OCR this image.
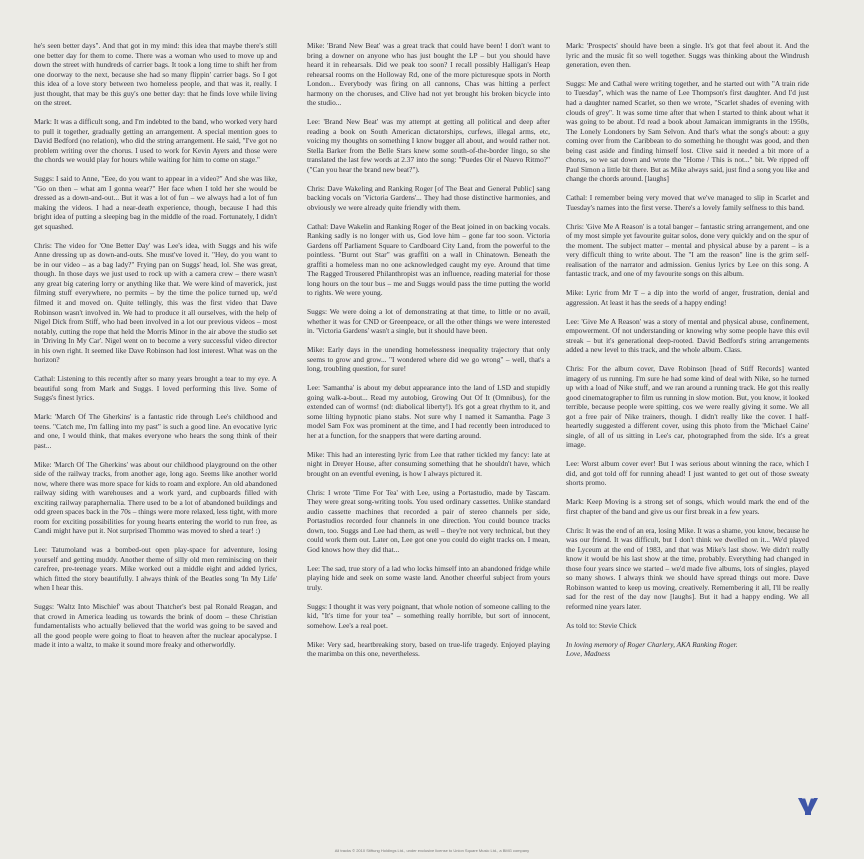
he's seen better days". And that got in my mind: this idea that maybe there's still one better day for them to come. There was a woman who used to move up and down the street with hundreds of carrier bags. It took a long time to shift her from one doorway to the next, because she had so many flippin' carrier bags. So I got this idea of a love story between two homeless people, and that was it, really. I just thought, that may be this guy's one better day: that he finds love while living on the street.

Mark: It was a difficult song, and I'm indebted to the band, who worked very hard to pull it together, gradually getting an arrangement. A special mention goes to David Bedford (no relation), who did the string arrangement. He said, "I've got no problem writing over the chorus. I used to work for Kevin Ayers and those were the chords we would play for hours while waiting for him to come on stage."

Suggs: I said to Anne, "Eee, do you want to appear in a video?" And she was like, "Go on then – what am I gonna wear?" Her face when I told her she would be dressed as a down-and-out... But it was a lot of fun – we always had a lot of fun making the videos. I had a near-death experience, though, because I had this bright idea of putting a sleeping bag in the middle of the road. Fortunately, I didn't get squashed.

Chris: The video for 'One Better Day' was Lee's idea, with Suggs and his wife Anne dressing up as down-and-outs. She must've loved it. "Hey, do you want to be in our video – as a bag lady?" Frying pan on Suggs' head, lol. She was great, though. In those days we just used to rock up with a camera crew – there wasn't any great big catering lorry or anything like that. We were kind of maverick, just filming stuff everywhere, no permits – by the time the police turned up, we'd filmed it and moved on. Quite tellingly, this was the first video that Dave Robinson wasn't involved in. We had to produce it all ourselves, with the help of Nigel Dick from Stiff, who had been involved in a lot our previous videos – most notably, cutting the rope that held the Morris Minor in the air above the studio set in 'Driving In My Car'. Nigel went on to become a very successful video director in his own right. It seemed like Dave Robinson had lost interest. What was on the horizon?

Cathal: Listening to this recently after so many years brought a tear to my eye. A beautiful song from Mark and Suggs. I loved performing this live. Some of Suggs's finest lyrics.

Mark: 'March Of The Gherkins' is a fantastic ride through Lee's childhood and teens. "Catch me, I'm falling into my past" is such a good line. An evocative lyric and one, I would think, that makes everyone who hears the song think of their past...

Mike: 'March Of The Gherkins' was about our childhood playground on the other side of the railway tracks, from another age, long ago. Seems like another world now, where there was more space for kids to roam and explore. An old abandoned railway siding with warehouses and a work yard, and cupboards filled with exciting railway paraphernalia. There used to be a lot of abandoned buildings and odd green spaces back in the 70s – things were more relaxed, less tight, with more room for exciting possibilities for young hearts entering the world to run free, as Candi might have put it. Not surprised Thommo was moved to shed a tear! :)

Lee: Tatumoland was a bombed-out open play-space for adventure, losing yourself and getting muddy. Another theme of silly old men reminiscing on their carefree, pre-teenage years. Mike worked out a middle eight and added lyrics, which fitted the story beautifully. I always think of the Beatles song 'In My Life' when I hear this.

Suggs: 'Waltz Into Mischief' was about Thatcher's best pal Ronald Reagan, and that crowd in America leading us towards the brink of doom – these Christian fundamentalists who actually believed that the world was going to be saved and all the good people were going to float to heaven after the nuclear apocalypse. I made it into a waltz, to make it sound more freaky and otherworldly.

Mike: 'Brand New Beat' was a great track that could have been! I don't want to bring a downer on anyone who has just bought the LP – but you should have heard it in rehearsals. Did we peak too soon? I recall possibly Halligan's Heap rehearsal rooms on the Holloway Rd, one of the more picturesque spots in North London... Everybody was firing on all cannons, Chas was hitting a perfect harmony on the choruses, and Clive had not yet brought his broken bicycle into the studio...

Lee: 'Brand New Beat' was my attempt at getting all political and deep after reading a book on South American dictatorships, curfews, illegal arms, etc, voicing my thoughts on something I know bugger all about, and would rather not. Stella Barker from the Belle Stars knew some south-of-the-border lingo, so she translated the last few words at 2.37 into the song: "Puedes Oir el Nuevo Ritmo?" ("Can you hear the brand new beat?").

Chris: Dave Wakeling and Ranking Roger [of The Beat and General Public] sang backing vocals on 'Victoria Gardens'... They had those distinctive harmonies, and obviously we were already quite friendly with them.

Cathal: Dave Wakelin and Ranking Roger of the Beat joined in on backing vocals. Ranking sadly is no longer with us, God love him – gone far too soon. Victoria Gardens off Parliament Square to Cardboard City Land, from the powerful to the pointless. "Burnt out Star" was graffiti on a wall in Chinatown. Beneath the graffiti a homeless man no one acknowledged caught my eye. Around that time The Ragged Trousered Philanthropist was an influence, reading material for those long hours on the tour bus – me and Suggs would pass the time putting the world to rights. We were young.

Suggs: We were doing a lot of demonstrating at that time, to little or no avail, whether it was for CND or Greenpeace, or all the other things we were interested in. 'Victoria Gardens' wasn't a single, but it should have been.

Mike: Early days in the unending homelessness inequality trajectory that only seems to grow and grow... "I wondered where did we go wrong" – well, that's a long, troubling question, for sure!

Lee: 'Samantha' is about my debut appearance into the land of LSD and stupidly going walk-a-bout... Read my autobiog, Growing Out Of It (Omnibus), for the extended can of worms! (nd: diabolical liberty!). It's got a great rhythm to it, and some lilting hypnotic piano stabs. Not sure why I named it Samantha. Page 3 model Sam Fox was prominent at the time, and I had recently been introduced to her at a function, for the snappers that were darting around.

Mike: This had an interesting lyric from Lee that rather tickled my fancy: late at night in Dreyer House, after consuming something that he shouldn't have, which brought on an eventful evening, is how I always pictured it.

Chris: I wrote 'Time For Tea' with Lee, using a Portastudio, made by Tascam. They were great song-writing tools. You used ordinary cassettes. Unlike standard audio cassette machines that recorded a pair of stereo channels per side, Portastudios recorded four channels in one direction. You could bounce tracks down, too. Suggs and Lee had them, as well – they're not very technical, but they could work them out. Later on, Lee got one you could do eight tracks on. I mean, God knows how they did that...

Lee: The sad, true story of a lad who locks himself into an abandoned fridge while playing hide and seek on some waste land. Another cheerful subject from yours truly.

Suggs: I thought it was very poignant, that whole notion of someone calling to the kid, "It's time for your tea" – something really horrible, but sort of innocent, somehow. Lee's a real poet.

Mike: Very sad, heartbreaking story, based on true-life tragedy. Enjoyed playing the marimba on this one, nevertheless.

Mark: 'Prospects' should have been a single. It's got that feel about it. And the lyric and the music fit so well together. Suggs was thinking about the Windrush generation, even then.

Suggs: Me and Cathal were writing together, and he started out with "A train ride to Tuesday", which was the name of Lee Thompson's first daughter. And I'd just had a daughter named Scarlet, so then we wrote, "Scarlet shades of evening with clouds of grey". It was some time after that when I started to think about what it was going to be about. I'd read a book about Jamaican immigrants in the 1950s, The Lonely Londoners by Sam Selvon. And that's what the song's about: a guy coming over from the Caribbean to do something he thought was good, and then being cast aside and finding himself lost. Clive said it needed a bit more of a chorus, so we sat down and wrote the "Home / This is not..." bit. We ripped off Paul Simon a little bit there. But as Mike always said, just find a song you like and change the chords around. [laughs]

Cathal: I remember being very moved that we've managed to slip in Scarlet and Tuesday's names into the first verse. There's a lovely family selfness to this band.

Chris: 'Give Me A Reason' is a total banger – fantastic string arrangement, and one of my most simple yet favourite guitar solos, done very quickly and on the spur of the moment. The subject matter – mental and physical abuse by a parent – is a very difficult thing to write about. The "I am the reason" line is the grim self-realisation of the narrator and admission. Genius lyrics by Lee on this song. A fantastic track, and one of my favourite songs on this album.

Mike: Lyric from Mr T – a dip into the world of anger, frustration, denial and aggression. At least it has the seeds of a happy ending!

Lee: 'Give Me A Reason' was a story of mental and physical abuse, confinement, empowerment. Of not understanding or knowing why some people have this evil streak – but it's generational deep-rooted. David Bedford's string arrangements added a new level to this track, and the whole album. Class.

Chris: For the album cover, Dave Robinson [head of Stiff Records] wanted imagery of us running. I'm sure he had some kind of deal with Nike, so he turned up with a load of Nike stuff, and we ran around a running track. He got this really good cinematographer to film us running in slow motion. But, you know, it looked terrible, because people were spitting, cos we were really giving it some. We all got a free pair of Nike trainers, though. I didn't really like the cover. I half-heartedly suggested a different cover, using this photo from the 'Michael Caine' single, of all of us sitting in Lee's car, photographed from the side. It's a great image.

Lee: Worst album cover ever! But I was serious about winning the race, which I did, and got told off for running ahead! I just wanted to get out of those sweaty shorts promo.

Mark: Keep Moving is a strong set of songs, which would mark the end of the first chapter of the band and give us our first break in a few years.

Chris: It was the end of an era, losing Mike. It was a shame, you know, because he was our friend. It was difficult, but I don't think we dwelled on it... We'd played the Lyceum at the end of 1983, and that was Mike's last show. We didn't really know it would be his last show at the time, probably. Everything had changed in those four years since we started – we'd made five albums, lots of singles, played so many shows. I always think we should have spread things out more. Dave Robinson wanted to keep us moving, creatively. Remembering it all, I'll be really sad for the rest of the day now [laughs]. But it had a happy ending. We all reformed nine years later.

As told to: Stevie Chick

In loving memory of Roger Charlery, AKA Ranking Roger.

Love, Madness

All tracks © 2010 Stiftung Holdings Ltd., under exclusive license to Union Square Music Ltd., a BMG company
